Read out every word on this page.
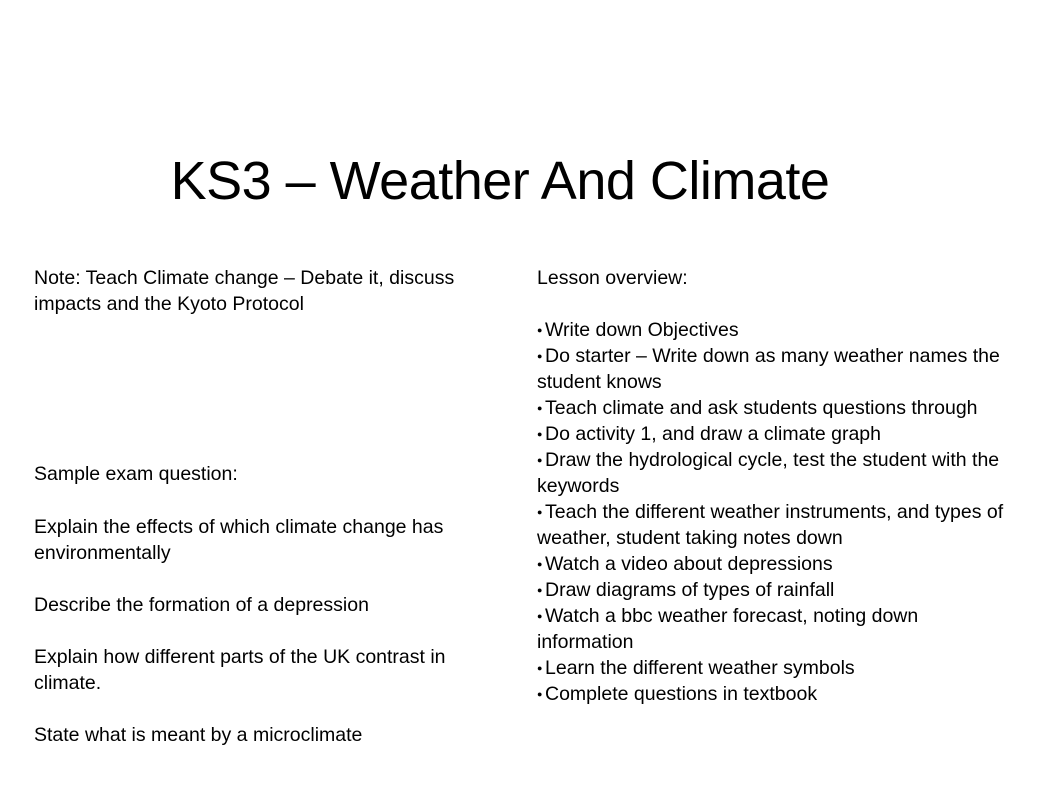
KS3 – Weather And Climate

Note: Teach Climate change – Debate it, discuss impacts and the Kyoto Protocol

Sample exam question:

Explain the effects of which climate change has environmentally

Describe the formation of a depression

Explain how different parts of the UK contrast in climate.

State what is meant by a microclimate

Lesson overview:

● Write down Objectives
● Do starter – Write down as many weather names the student knows
● Teach climate and ask students questions through
● Do activity 1, and draw a climate graph
● Draw the hydrological cycle, test the student with the keywords
● Teach the different weather instruments, and types of weather, student taking notes down
● Watch a video about depressions
● Draw diagrams of types of rainfall
● Watch a bbc weather forecast, noting down information
● Learn the different weather symbols
● Complete questions in textbook
